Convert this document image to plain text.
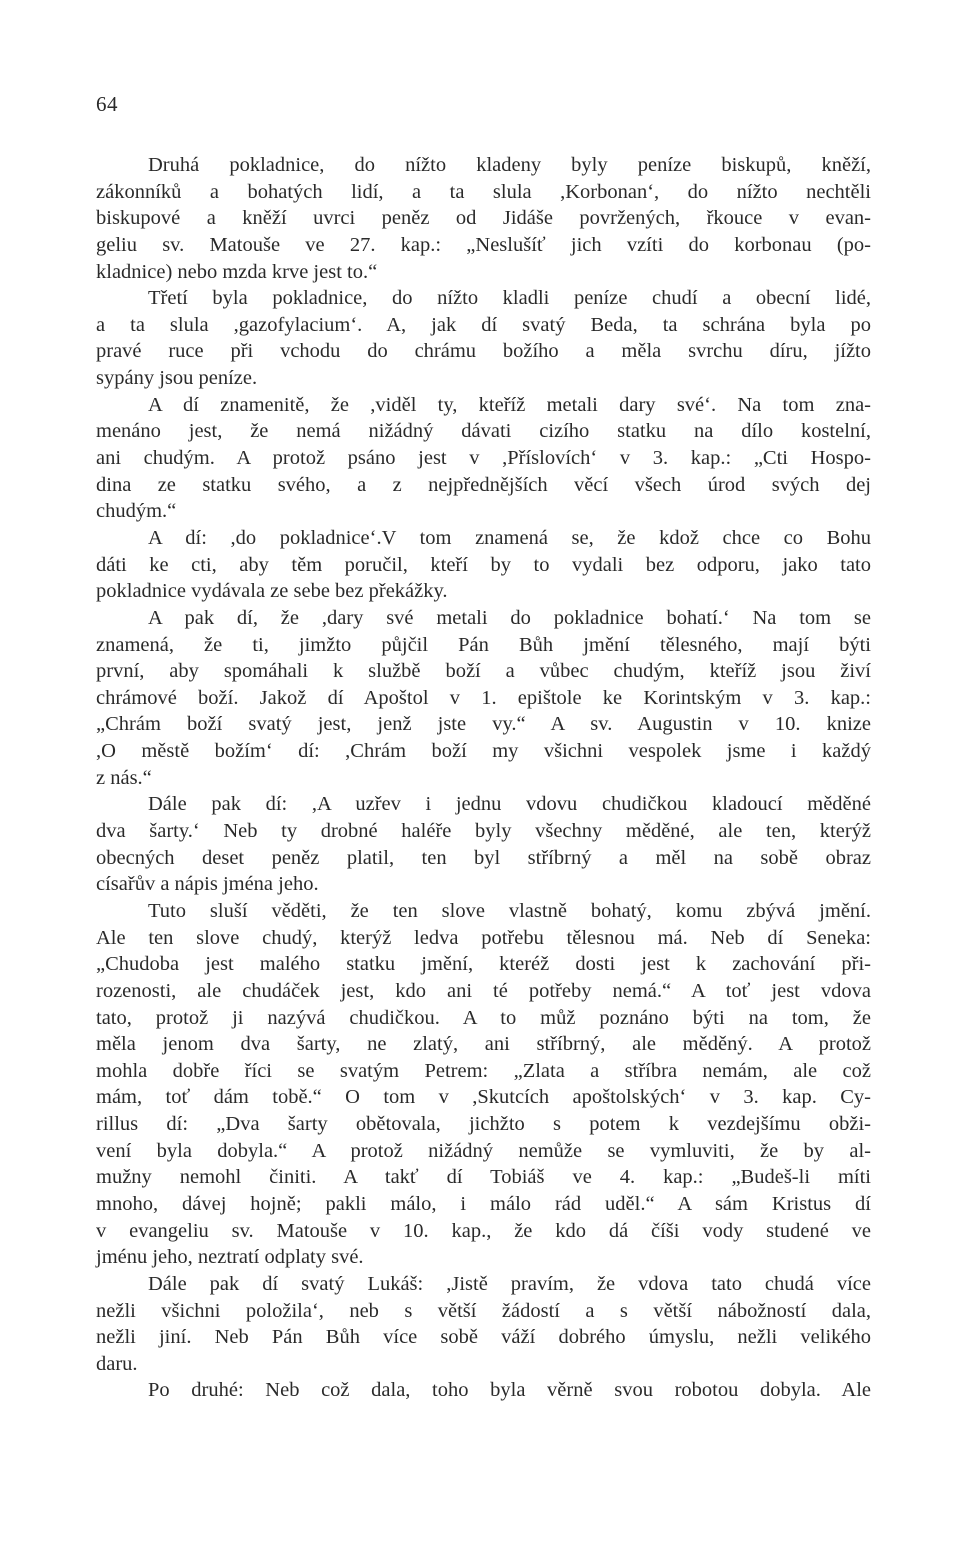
64
Druhá pokladnice, do nížto kladeny byly peníze biskupů, kněží,
zákonníků a bohatých lidí, a ta slula ,Korbonan‘, do nížto nechtěli
biskupové a kněží uvrci peněz od Jidáše povržených, řkouce v evan-
geliu sv. Matouše ve 27. kap.: „Neslušíť jich vzíti do korbonau (po-
kladnice) nebo mzda krve jest to.“
Třetí byla pokladnice, do nížto kladli peníze chudí a obecní lidé,
a ta slula ,gazofylacium‘. A, jak dí svatý Beda, ta schrána byla po
pravé ruce při vchodu do chrámu božího a měla svrchu díru, jížto
sypány jsou peníze.
A dí znamenitě, že ,viděl ty, kteříž metali dary své‘. Na tom zna-
menáno jest, že nemá nižádný dávati cizího statku na dílo kostelní,
ani chudým. A protož psáno jest v ,Příslovích‘ v 3. kap.: „Cti Hospo-
dina ze statku svého, a z nejpřednějších věcí všech úrod svých dej
chudým.“
A dí: ,do pokladnice‘.V tom znamená se, že kdož chce co Bohu
dáti ke cti, aby těm poručil, kteří by to vydali bez odporu, jako tato
pokladnice vydávala ze sebe bez překážky.
A pak dí, že ,dary své metali do pokladnice bohatí.‘ Na tom se
znamená, že ti, jimžto půjčil Pán Bůh jmění tělesného, mají býti
první, aby spomáhali k službě boží a vůbec chudým, kteříž jsou živí
chrámové boží. Jakož dí Apoštol v 1. epištole ke Korintským v 3. kap.:
„Chrám boží svatý jest, jenž jste vy.“ A sv. Augustin v 10. knize
,O městě božím‘ dí: ,Chrám boží my všichni vespolek jsme i každý
z nás.“
Dále pak dí: ,A uzřev i jednu vdovu chudičkou kladoucí měděné
dva šarty.‘ Neb ty drobné haléře byly všechny měděné, ale ten, kterýž
obecných deset peněz platil, ten byl stříbrný a měl na sobě obraz
císařův a nápis jména jeho.
Tuto sluší věděti, že ten slove vlastně bohatý, komu zbývá jmění.
Ale ten slove chudý, kterýž ledva potřebu tělesnou má. Neb dí Seneka:
„Chudoba jest malého statku jmění, kteréž dosti jest k zachování při-
rozenosti, ale chudáček jest, kdo ani té potřeby nemá.“ A toť jest vdova
tato, protož ji nazývá chudičkou. A to můž poznáno býti na tom, že
měla jenom dva šarty, ne zlatý, ani stříbrný, ale měděný. A protož
mohla dobře říci se svatým Petrem: „Zlata a stříbra nemám, ale což
mám, toť dám tobě.“ O tom v ,Skutcích apoštolských‘ v 3. kap. Cy-
rillus dí: „Dva šarty obětovala, jichžto s potem k vezdejšímu obži-
vení byla dobyla.“ A protož nižádný nemůže se vymluviti, že by al-
mužny nemohl činiti. A takť dí Tobiáš ve 4. kap.: „Budeš-li míti
mnoho, dávej hojně; pakli málo, i málo rád uděl.“ A sám Kristus dí
v evangeliu sv. Matouše v 10. kap., že kdo dá číši vody studené ve
jménu jeho, neztratí odplaty své.
Dále pak dí svatý Lukáš: ,Jistě pravím, že vdova tato chudá více
nežli všichni položila‘, neb s větší žádostí a s větší nábožností dala,
nežli jiní. Neb Pán Bůh více sobě váží dobrého úmyslu, nežli velikého
daru.
Po druhé: Neb což dala, toho byla věrně svou robotou dobyla. Ale
